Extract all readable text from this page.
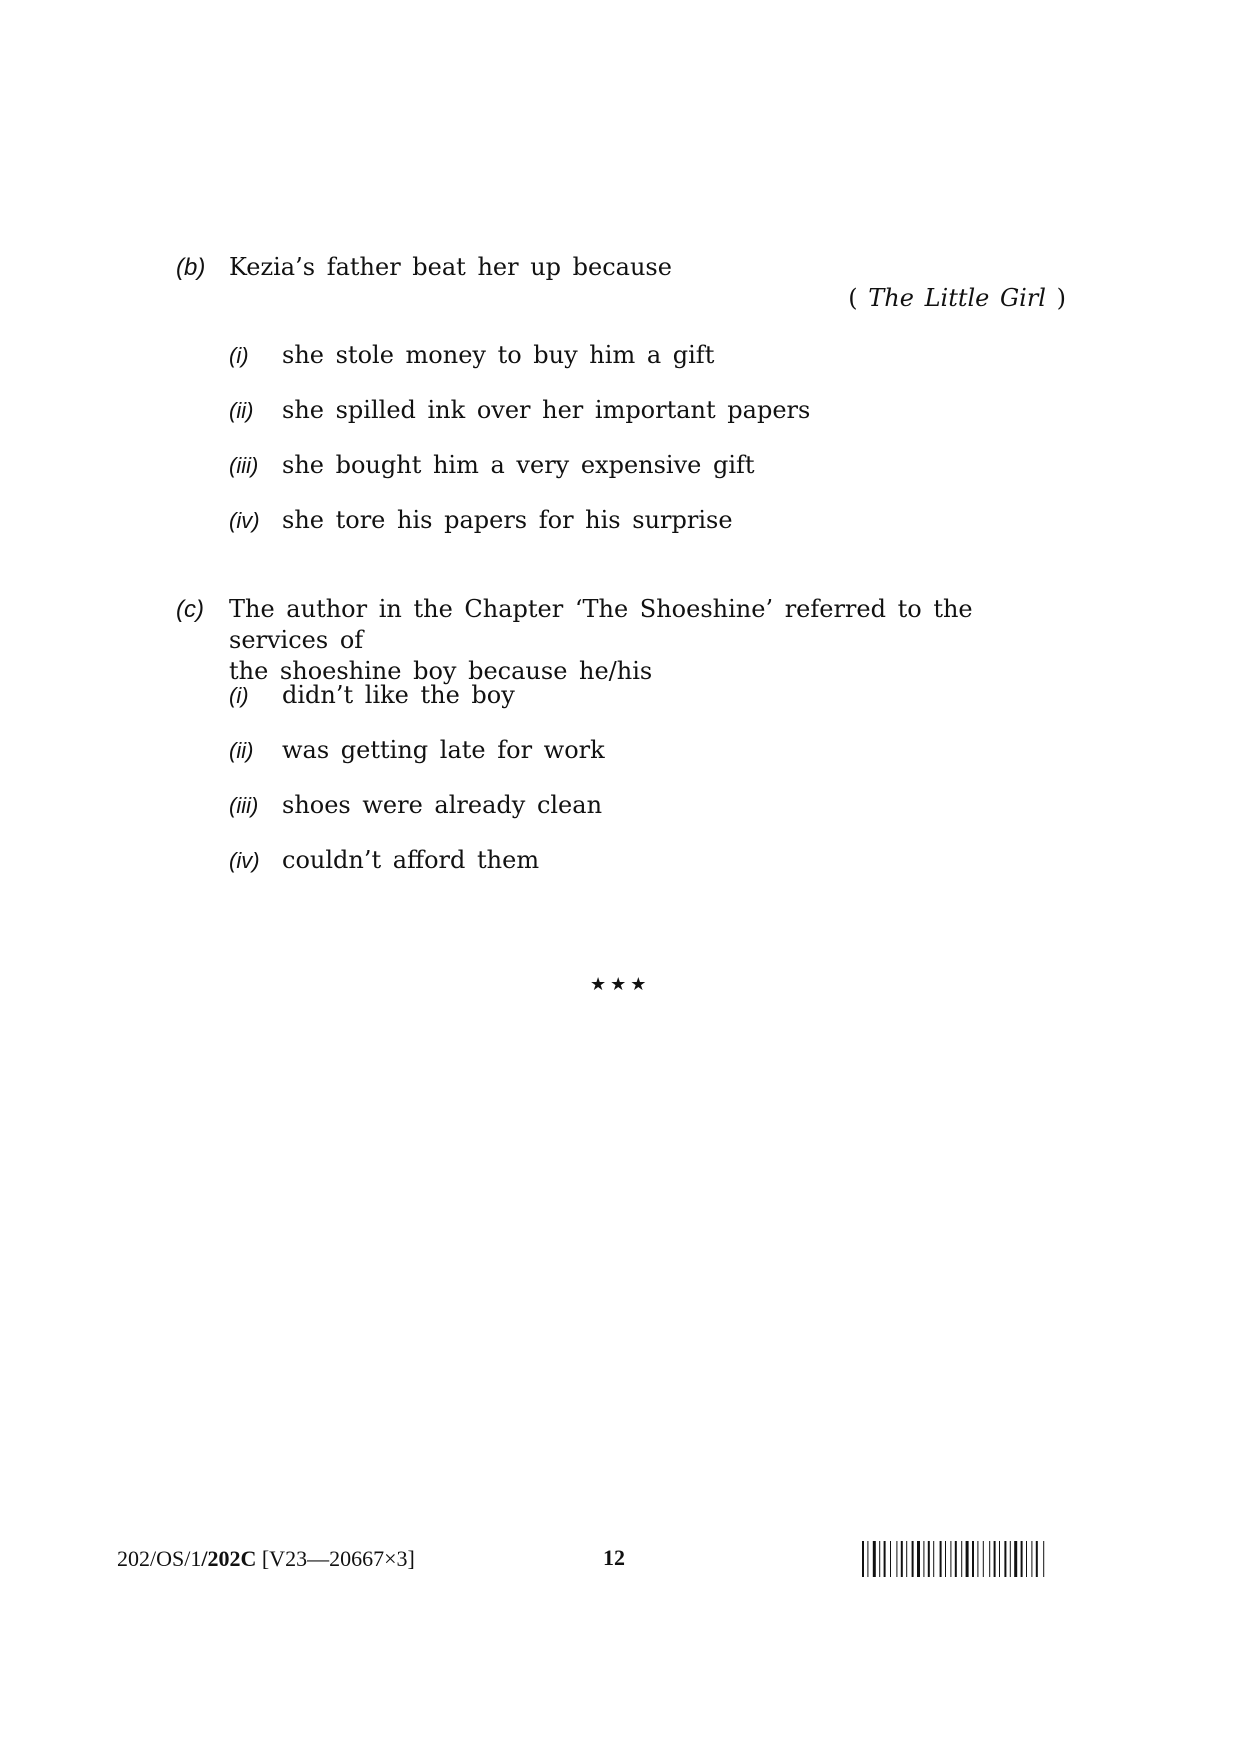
(b) Kezia’s father beat her up because
( The Little Girl )
(i) she stole money to buy him a gift
(ii) she spilled ink over her important papers
(iii) she bought him a very expensive gift
(iv) she tore his papers for his surprise
(c) The author in the Chapter ‘The Shoeshine’ referred to the services of
the shoeshine boy because he/his
(i) didn’t like the boy
(ii) was getting late for work
(iii) shoes were already clean
(iv) couldn’t afford them
★★★
202/OS/1/202C [V23—20667×3]	12
